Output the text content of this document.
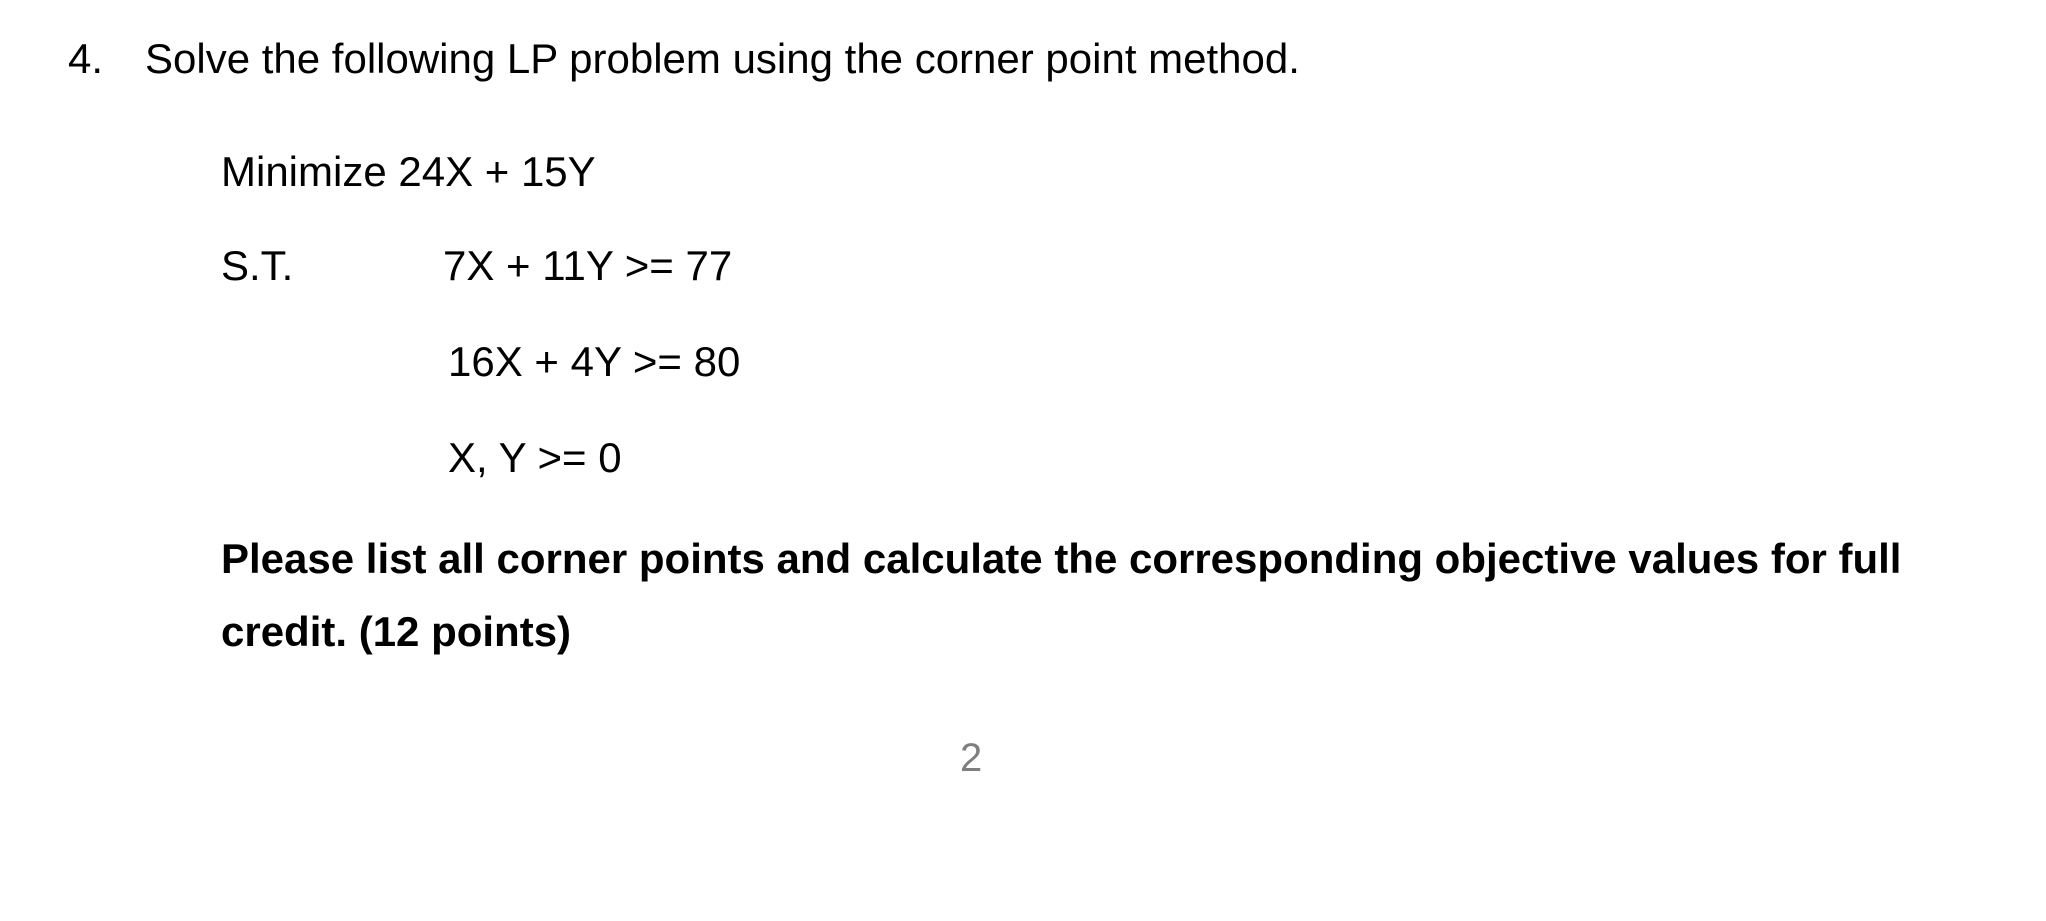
4. Solve the following LP problem using the corner point method.
Minimize 24X + 15Y
S.T.	7X + 11Y >= 77
16X + 4Y >= 80
X, Y >= 0
Please list all corner points and calculate the corresponding objective values for full credit. (12 points)
2
